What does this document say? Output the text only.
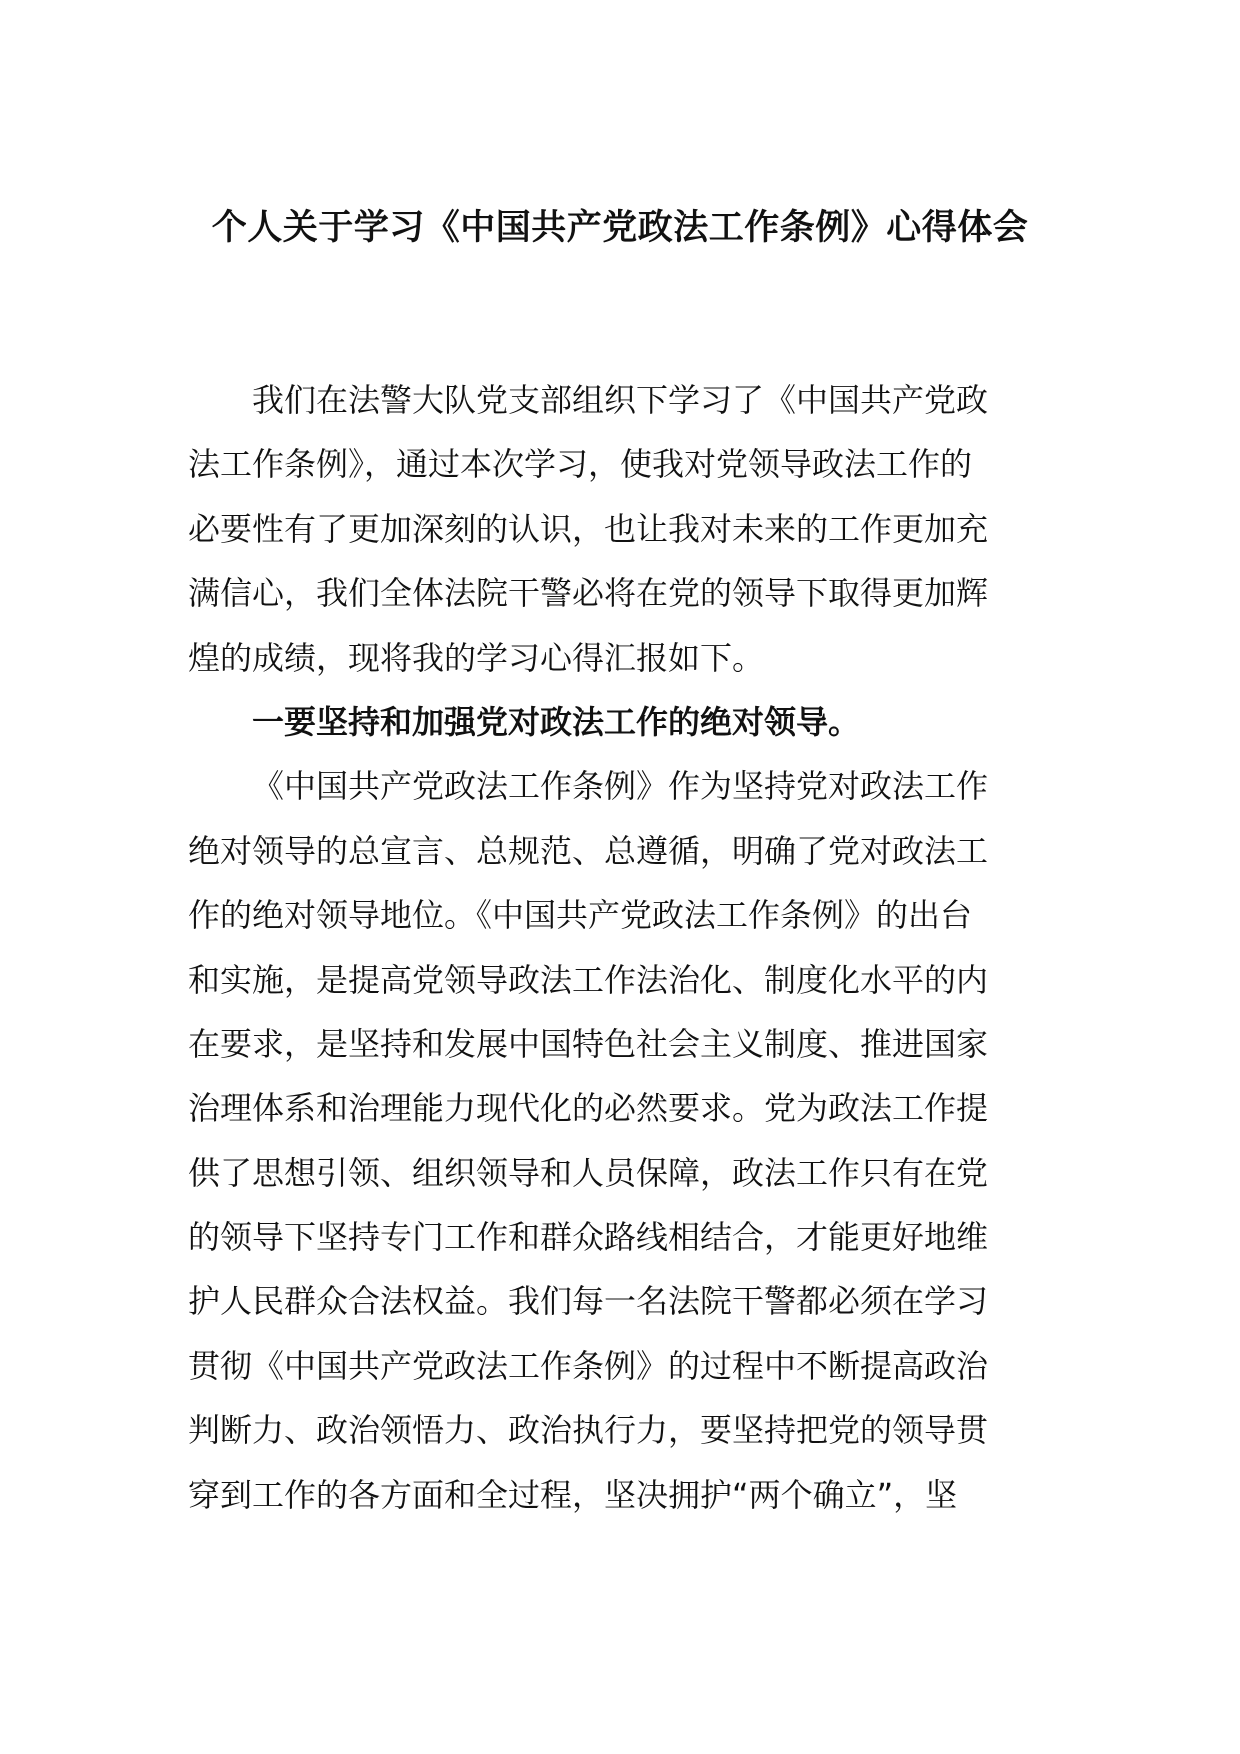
个人关于学习《中国共产党政法工作条例》心得体会
我们在法警大队党支部组织下学习了《中国共产党政
法工作条例》，通过本次学习，使我对党领导政法工作的
必要性有了更加深刻的认识，也让我对未来的工作更加充
满信心，我们全体法院干警必将在党的领导下取得更加辉
煌的成绩，现将我的学习心得汇报如下。
一要坚持和加强党对政法工作的绝对领导。
《中国共产党政法工作条例》作为坚持党对政法工作
绝对领导的总宣言、总规范、总遵循，明确了党对政法工
作的绝对领导地位。《中国共产党政法工作条例》的出台
和实施，是提高党领导政法工作法治化、制度化水平的内
在要求，是坚持和发展中国特色社会主义制度、推进国家
治理体系和治理能力现代化的必然要求。党为政法工作提
供了思想引领、组织领导和人员保障，政法工作只有在党
的领导下坚持专门工作和群众路线相结合，才能更好地维
护人民群众合法权益。我们每一名法院干警都必须在学习
贯彻《中国共产党政法工作条例》的过程中不断提高政治
判断力、政治领悟力、政治执行力，要坚持把党的领导贯
穿到工作的各方面和全过程，坚决拥护“两个确立”，坚
